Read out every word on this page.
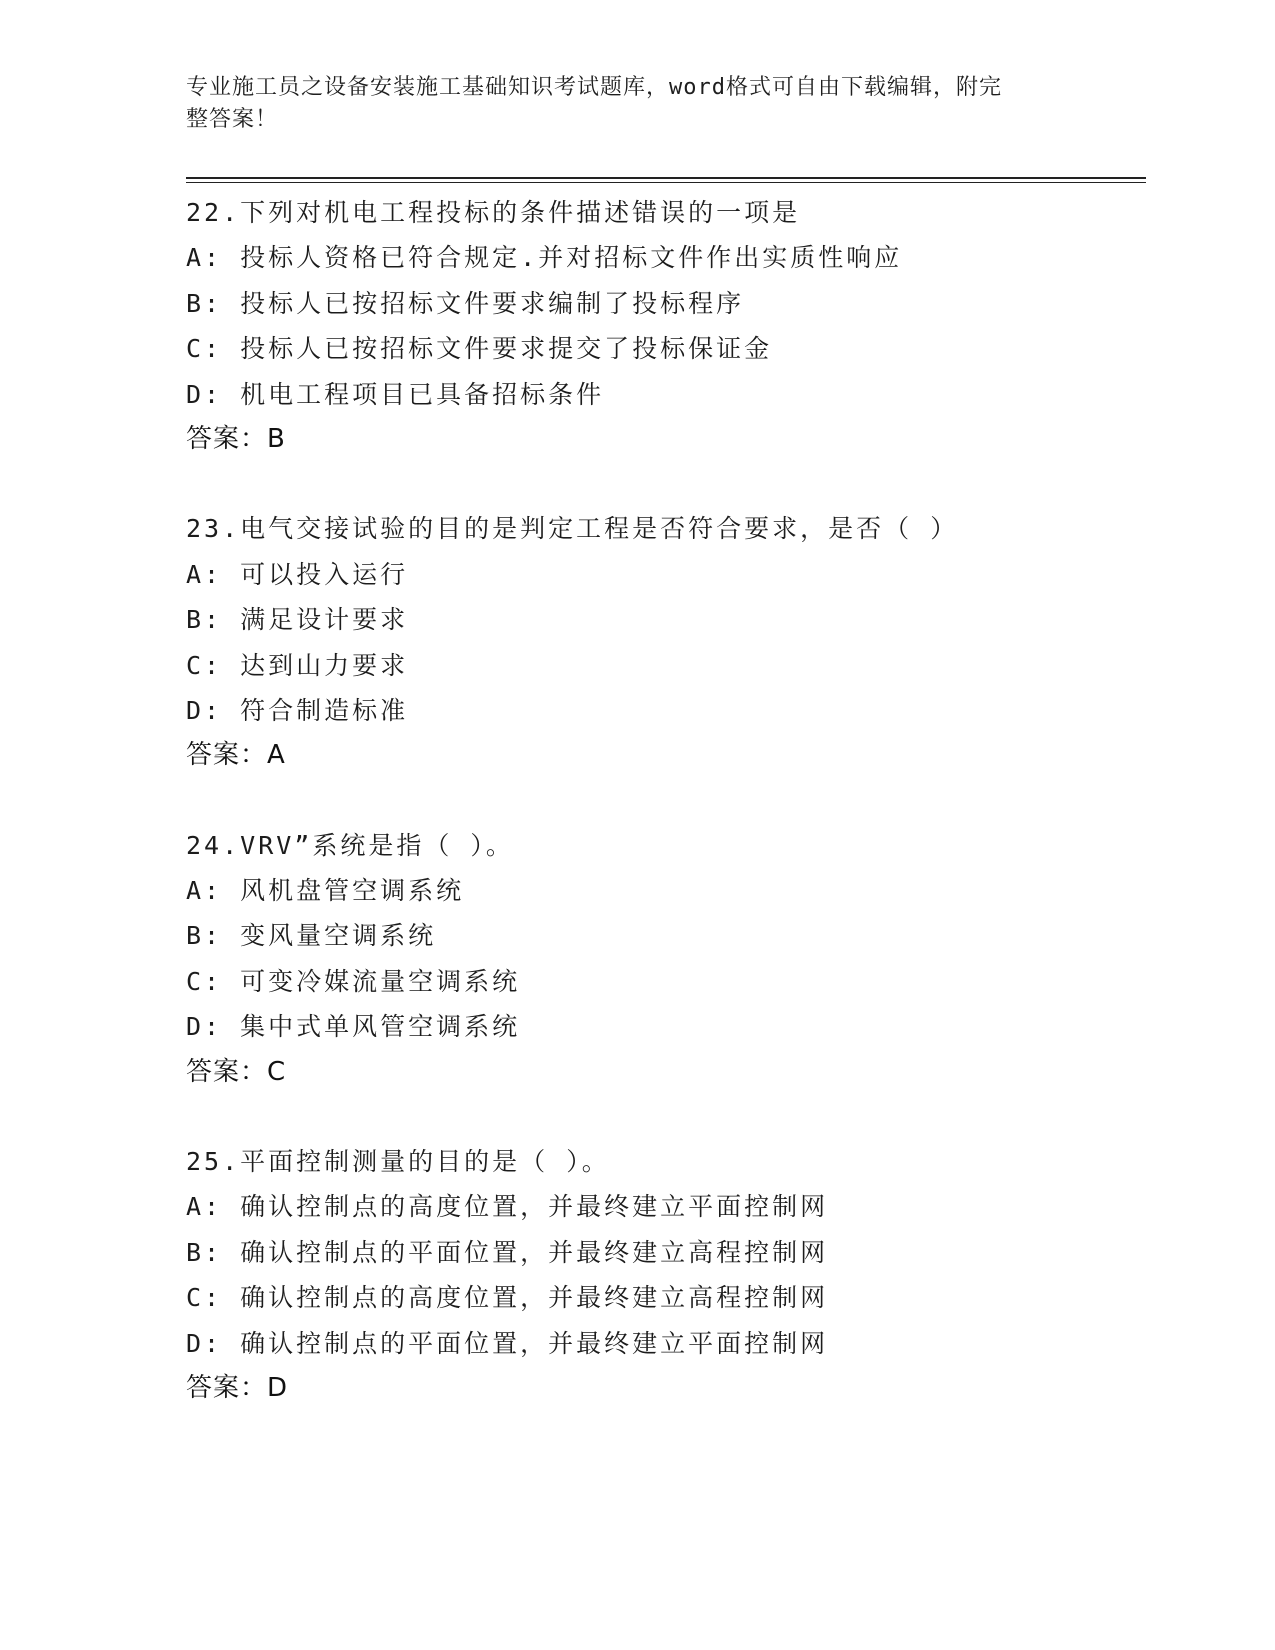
专业施工员之设备安装施工基础知识考试题库，word格式可自由下载编辑，附完
整答案！
22.下列对机电工程投标的条件描述错误的一项是
A: 投标人资格已符合规定.并对招标文件作出实质性响应
B: 投标人已按招标文件要求编制了投标程序
C: 投标人已按招标文件要求提交了投标保证金
D: 机电工程项目已具备招标条件
答案：B
23.电气交接试验的目的是判定工程是否符合要求，是否（ ）
A: 可以投入运行
B: 满足设计要求
C: 达到山力要求
D: 符合制造标准
答案：A
24.VRV”系统是指（ ）。
A: 风机盘管空调系统
B: 变风量空调系统
C: 可变冷媒流量空调系统
D: 集中式单风管空调系统
答案：C
25.平面控制测量的目的是（ ）。
A: 确认控制点的高度位置，并最终建立平面控制网
B: 确认控制点的平面位置，并最终建立高程控制网
C: 确认控制点的高度位置，并最终建立高程控制网
D: 确认控制点的平面位置，并最终建立平面控制网
答案：D
